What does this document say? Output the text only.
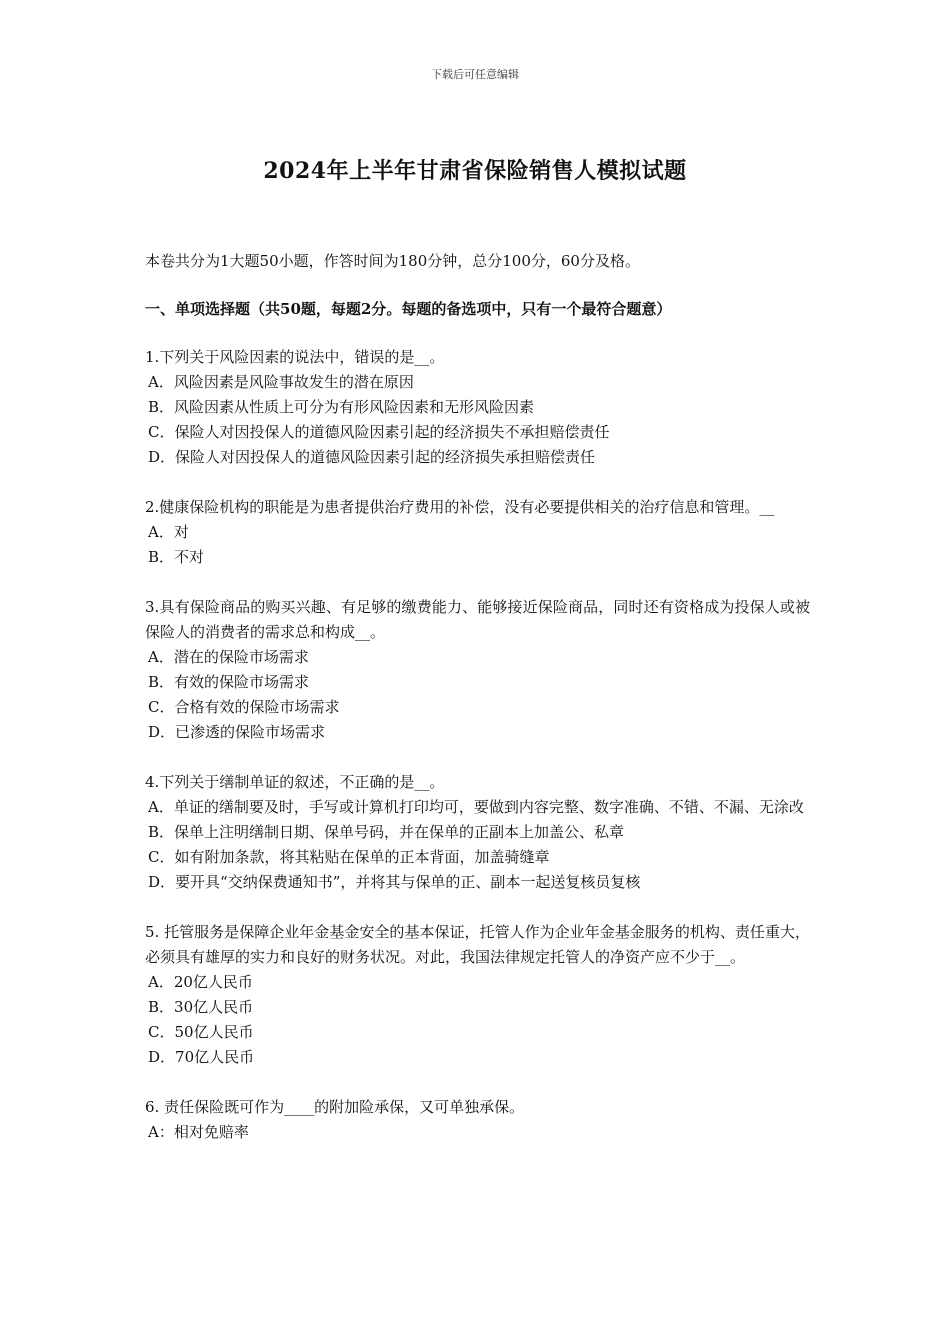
下载后可任意编辑
2024年上半年甘肃省保险销售人模拟试题

本卷共分为1大题50小题，作答时间为180分钟，总分100分，60分及格。

一、单项选择题（共50题，每题2分。每题的备选项中，只有一个最符合题意）

1.下列关于风险因素的说法中，错误的是__。

A．风险因素是风险事故发生的潜在原因
B．风险因素从性质上可分为有形风险因素和无形风险因素
C．保险人对因投保人的道德风险因素引起的经济损失不承担赔偿责任
D．保险人对因投保人的道德风险因素引起的经济损失承担赔偿责任

2.健康保险机构的职能是为患者提供治疗费用的补偿，没有必要提供相关的治疗信息和管理。__

A．对
B．不对

3.具有保险商品的购买兴趣、有足够的缴费能力、能够接近保险商品，同时还有资格成为投保人或被保险人的消费者的需求总和构成__。

A．潜在的保险市场需求
B．有效的保险市场需求
C．合格有效的保险市场需求
D．已渗透的保险市场需求

4.下列关于缮制单证的叙述，不正确的是__。

A．单证的缮制要及时，手写或计算机打印均可，要做到内容完整、数字准确、不错、不漏、无涂改
B．保单上注明缮制日期、保单号码，并在保单的正副本上加盖公、私章
C．如有附加条款，将其粘贴在保单的正本背面，加盖骑缝章
D．要开具“交纳保费通知书”，并将其与保单的正、副本一起送复核员复核

5. 托管服务是保障企业年金基金安全的基本保证，托管人作为企业年金基金服务的机构、责任重大，必须具有雄厚的实力和良好的财务状况。对此，我国法律规定托管人的净资产应不少于__。

A．20亿人民币
B．30亿人民币
C．50亿人民币
D．70亿人民币

6. 责任保险既可作为____的附加险承保，又可单独承保。

A：相对免赔率
